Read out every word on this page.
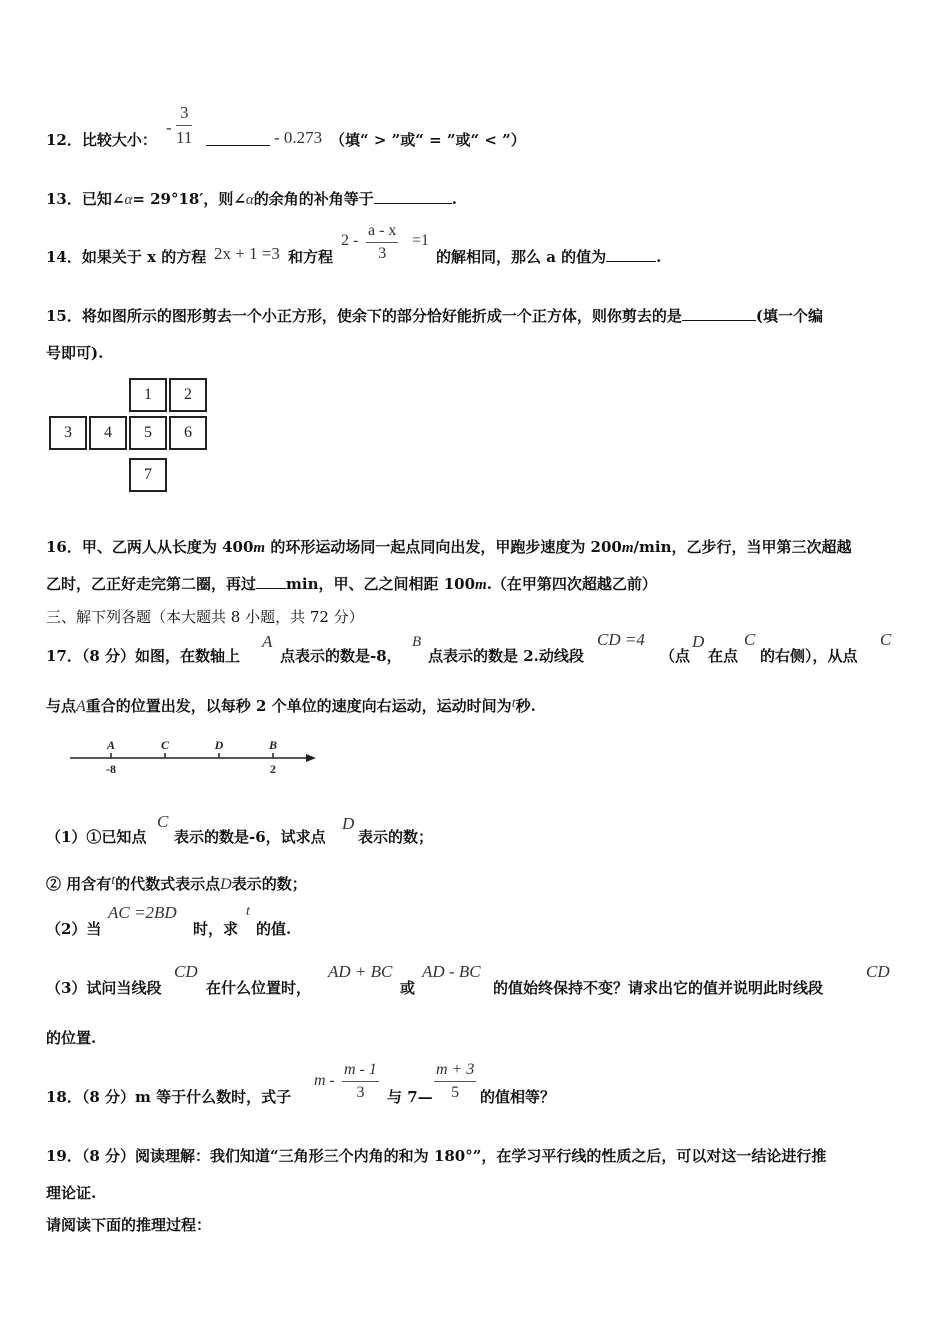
12．比较大小：
- $\frac{3}{11}$	- 0.273 （填“ > ”或“ = ”或“ < ”）
13．已知∠α= 29°18′，则∠α的余角的补角等于	.
14．如果关于 x 的方程 2x + 1 =3 和方程
$2 - \frac{a - x}{3} =1$
的解相同，那么 a 的值为	.
15．将如图所示的图形剪去一个小正方形，使余下的部分恰好能折成一个正方体，则你剪去的是	(填一个编
号即可).
1	2
3	4	5	6
7
16．甲、乙两人从长度为 400m 的环形运动场同一起点同向出发，甲跑步速度为 200m/min，乙步行，当甲第三次超越
乙时，乙正好走完第二圈，再过 min，甲、乙之间相距 100m.（在甲第四次超越乙前）
三、解下列各题（本大题共 8 小题，共 72 分）
17．（8 分）如图，在数轴上
A
点表示的数是-8，
B
点表示的数是 2.动线段
CD =4
（点
D
在点
C
的右侧），从点
C
与点A重合的位置出发，以每秒 2 个单位的速度向右运动，运动时间为t秒.
A	C	D	B
-8	2
（1）①已知点
C
表示的数是-6，试求点
D
表示的数；
② 用含有t的代数式表示点D表示的数；
（2）当
AC =2BD
时，求
t
的值.
（3）试问当线段
CD
在什么位置时，
AD + BC
或
AD - BC
的值始终保持不变？请求出它的值并说明此时线段
CD
的位置.
18．（8 分）m 等于什么数时，式子
m - $\frac{m - 1}{3}$ 与 7— $\frac{m + 3}{5}$ 的值相等？
19．（8 分）阅读理解：我们知道“三角形三个内角的和为 180°”，在学习平行线的性质之后，可以对这一结论进行推
理论证.
请阅读下面的推理过程：
